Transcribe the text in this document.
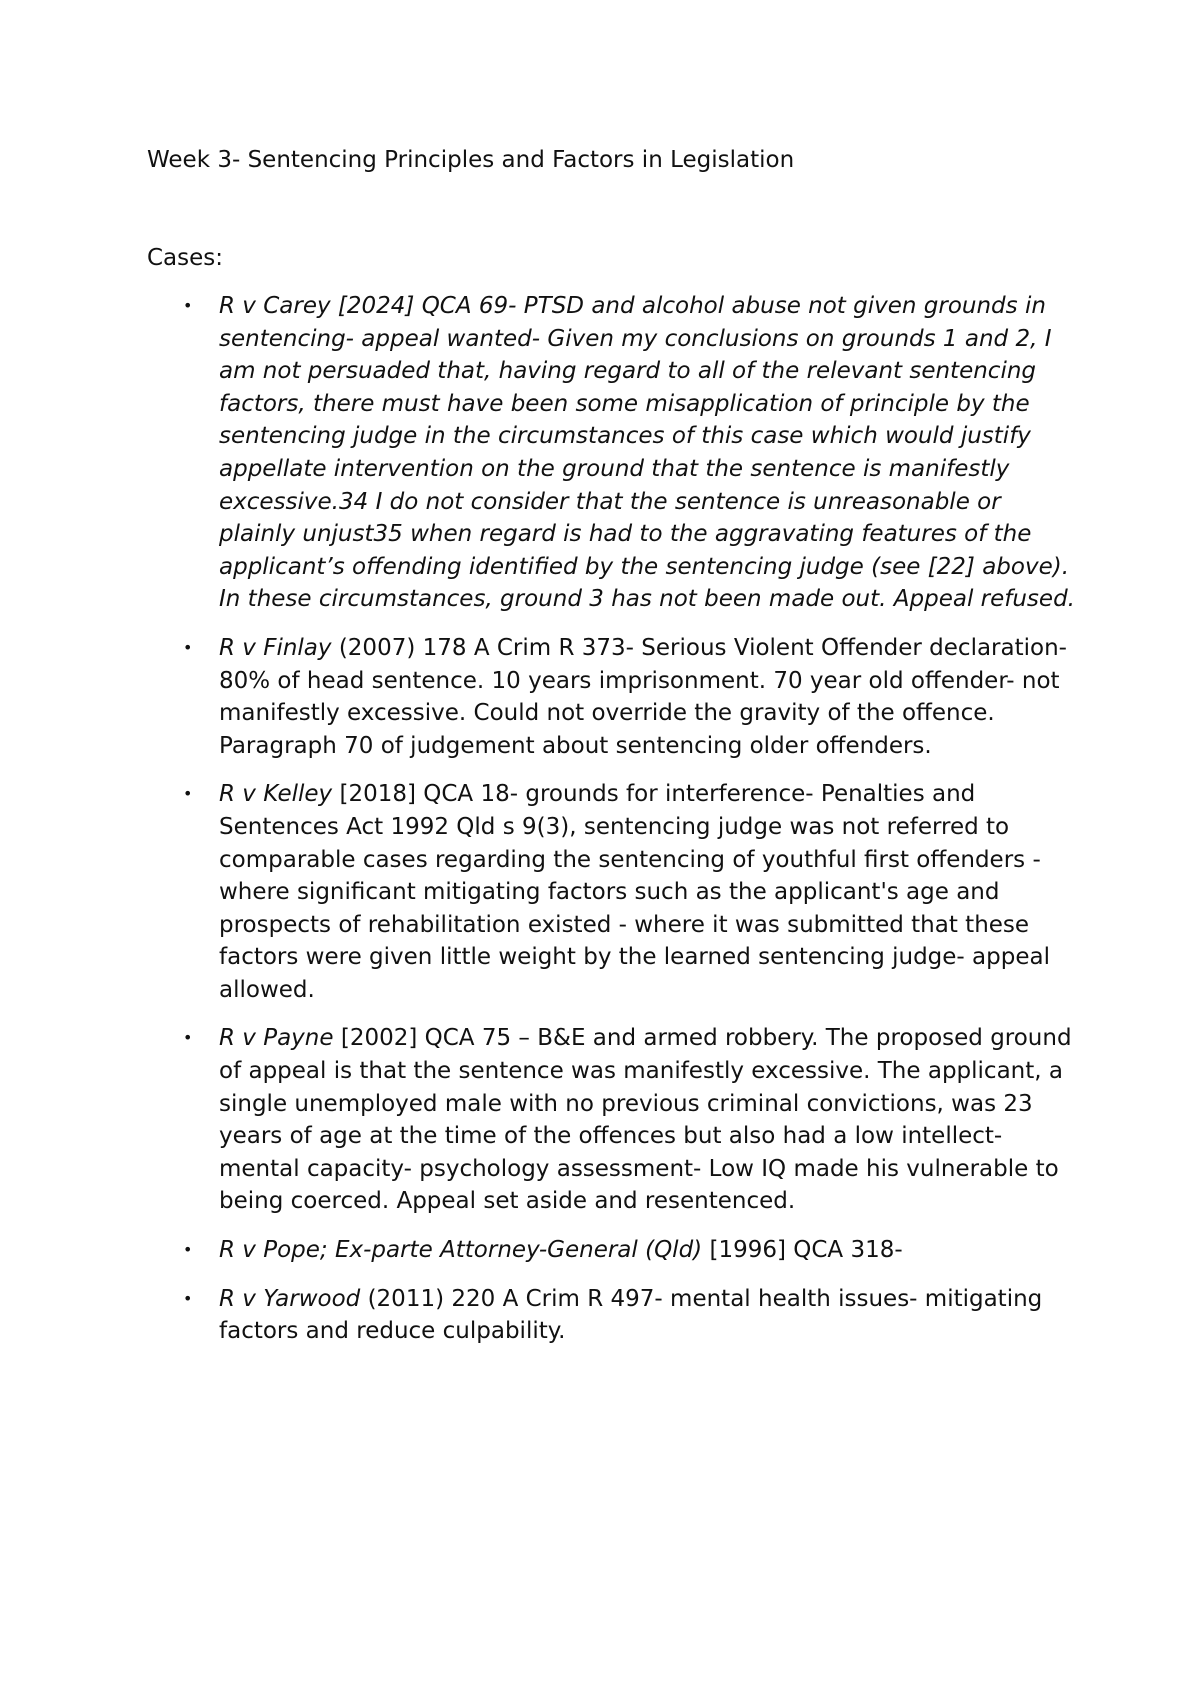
Week 3- Sentencing Principles and Factors in Legislation
Cases:
• R v Carey [2024] QCA 69- PTSD and alcohol abuse not given grounds in sentencing- appeal wanted- Given my conclusions on grounds 1 and 2, I am not persuaded that, having regard to all of the relevant sentencing factors, there must have been some misapplication of principle by the sentencing judge in the circumstances of this case which would justify appellate intervention on the ground that the sentence is manifestly excessive.34 I do not consider that the sentence is unreasonable or plainly unjust35 when regard is had to the aggravating features of the applicant’s offending identified by the sentencing judge (see [22] above). In these circumstances, ground 3 has not been made out. Appeal refused.
• R v Finlay (2007) 178 A Crim R 373- Serious Violent Offender declaration- 80% of head sentence. 10 years imprisonment. 70 year old offender- not manifestly excessive. Could not override the gravity of the offence. Paragraph 70 of judgement about sentencing older offenders.
• R v Kelley [2018] QCA 18- grounds for interference- Penalties and Sentences Act 1992 Qld s 9(3), sentencing judge was not referred to comparable cases regarding the sentencing of youthful first offenders - where significant mitigating factors such as the applicant's age and prospects of rehabilitation existed - where it was submitted that these factors were given little weight by the learned sentencing judge- appeal allowed.
• R v Payne [2002] QCA 75 – B&E and armed robbery. The proposed ground of appeal is that the sentence was manifestly excessive. The applicant, a single unemployed male with no previous criminal convictions, was 23 years of age at the time of the offences but also had a low intellect- mental capacity- psychology assessment- Low IQ made his vulnerable to being coerced. Appeal set aside and resentenced.
• R v Pope; Ex-parte Attorney-General (Qld) [1996] QCA 318-
• R v Yarwood (2011) 220 A Crim R 497- mental health issues- mitigating factors and reduce culpability.
